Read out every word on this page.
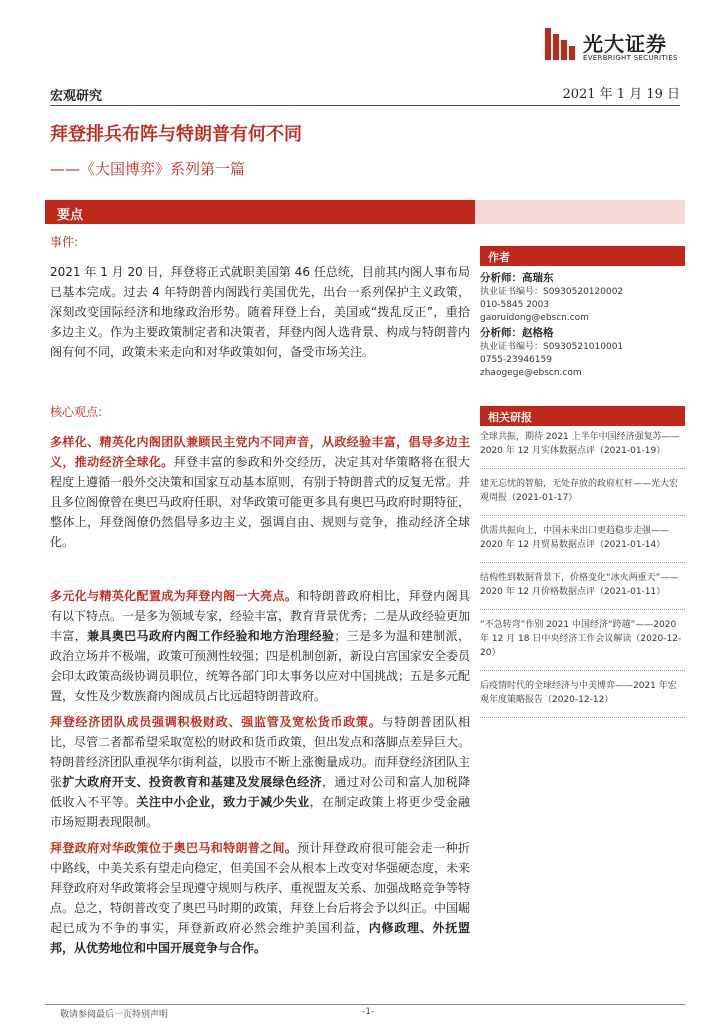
光大证券
EVERBRIGHT SECURITIES
宏观研究	2021 年 1 月 19 日
拜登排兵布阵与特朗普有何不同
——《大国博弈》系列第一篇
要点
事件:
2021 年 1 月 20 日，拜登将正式就职美国第 46 任总统，目前其内阁人事布局已基本完成。过去 4 年特朗普内阁践行美国优先，出台一系列保护主义政策，深刻改变国际经济和地缘政治形势。随着拜登上台，美国或“拨乱反正”，重拾多边主义。作为主要政策制定者和决策者，拜登内阁人选背景、构成与特朗普内阁有何不同，政策未来走向和对华政策如何，备受市场关注。
核心观点:
多样化、精英化内阁团队兼顾民主党内不同声音，从政经验丰富，倡导多边主义，推动经济全球化。拜登丰富的参政和外交经历，决定其对华策略将在很大程度上遵循一般外交决策和国家互动基本原则，有别于特朗普式的反复无常。并且多位阁僚曾在奥巴马政府任职，对华政策可能更多具有奥巴马政府时期特征，整体上，拜登阁僚仍然倡导多边主义，强调自由、规则与竞争，推动经济全球化。
多元化与精英化配置成为拜登内阁一大亮点。和特朗普政府相比，拜登内阁具有以下特点。一是多为领域专家，经验丰富，教育背景优秀；二是从政经验更加丰富，兼具奥巴马政府内阁工作经验和地方治理经验；三是多为温和建制派，政治立场并不极端，政策可预测性较强；四是机制创新，新设白宫国家安全委员会印太政策高级协调员职位，统筹各部门印太事务以应对中国挑战；五是多元配置，女性及少数族裔内阁成员占比远超特朗普政府。
拜登经济团队成员强调积极财政、强监管及宽松货币政策。与特朗普团队相比，尽管二者都希望采取宽松的财政和货币政策，但出发点和落脚点差异巨大。特朗普经济团队重视华尔街利益，以股市不断上涨衡量成功。而拜登经济团队主张扩大政府开支、投资教育和基建及发展绿色经济，通过对公司和富人加税降低收入不平等。关注中小企业，致力于减少失业，在制定政策上将更少受金融市场短期表现限制。
拜登政府对华政策位于奥巴马和特朗普之间。预计拜登政府很可能会走一种折中路线，中美关系有望走向稳定，但美国不会从根本上改变对华强硬态度，未来拜登政府对华政策将会呈现遵守规则与秩序、重视盟友关系、加强战略竞争等特点。总之，特朗普改变了奥巴马时期的政策，拜登上台后将会予以纠正。中国崛起已成为不争的事实，拜登新政府必然会维护美国利益，内修政理、外抚盟邦，从优势地位和中国开展竞争与合作。
作者
分析师：高瑞东
执业证书编号：S0930520120002
010-5845 2003
gaoruidong@ebscn.com
分析师：赵格格
执业证书编号：S0930521010001
0755-23946159
zhaogege@ebscn.com
相关研报
全球共振，期待 2021 上半年中国经济强复苏——2020 年 12 月实体数据点评（2021-01-19）
建无忘忧的智船，无处存放的政府杠杆——光大宏观周报（2021-01-17）
供需共振向上，中国未来出口更趋稳步走强——2020 年 12 月贸易数据点评（2021-01-14）
结构性到数据背景下，价格变化“冰火两重天”——2020 年 12 月价格数据点评（2021-01-11）
“不急转弯”作别 2021 中国经济“跨越”——2020 年 12 月 18 日中央经济工作会议解读（2020-12-20）
后疫情时代的全球经济与中美博弈——2021 年宏观年度策略报告（2020-12-12）
敬请参阅最后一页特别声明	-1-
